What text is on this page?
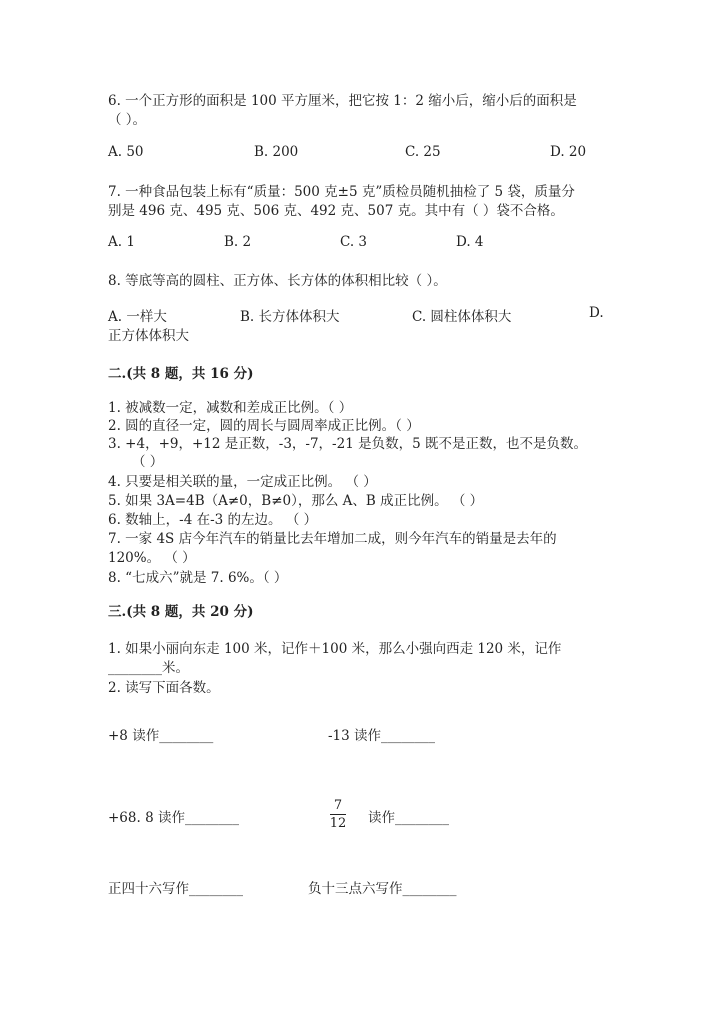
6. 一个正方形的面积是 100 平方厘米，把它按 1：2 缩小后，缩小后的面积是
（ ）。
A. 50	B. 200	C. 25	D. 20
7. 一种食品包装上标有“质量：500 克±5 克”质检员随机抽检了 5 袋，质量分
别是 496 克、495 克、506 克、492 克、507 克。其中有（ ）袋不合格。
A. 1	B. 2	C. 3	D. 4
8. 等底等高的圆柱、正方体、长方体的体积相比较（ ）。
A. 一样大	B. 长方体体积大	C. 圆柱体体积大	D.
正方体体积大
二.(共 8 题，共 16 分)
1. 被减数一定，减数和差成正比例。（ ）
2. 圆的直径一定，圆的周长与圆周率成正比例。（ ）
3. +4，+9，+12 是正数，-3，-7，-21 是负数，5 既不是正数，也不是负数。
（ ）
4. 只要是相关联的量，一定成正比例。 （ ）
5. 如果 3A=4B（A≠0，B≠0），那么 A、B 成正比例。 （ ）
6. 数轴上，-4 在-3 的左边。 （ ）
7. 一家 4S 店今年汽车的销量比去年增加二成，则今年汽车的销量是去年的
120%。 （ ）
8. “七成六”就是 7. 6%。（ ）
三.(共 8 题，共 20 分)
1. 如果小丽向东走 100 米，记作＋100 米，那么小强向西走 120 米，记作
________米。
2. 读写下面各数。
+8 读作________	-13 读作________
+68. 8 读作________
7
12 读作________
正四十六写作________	负十三点六写作________
